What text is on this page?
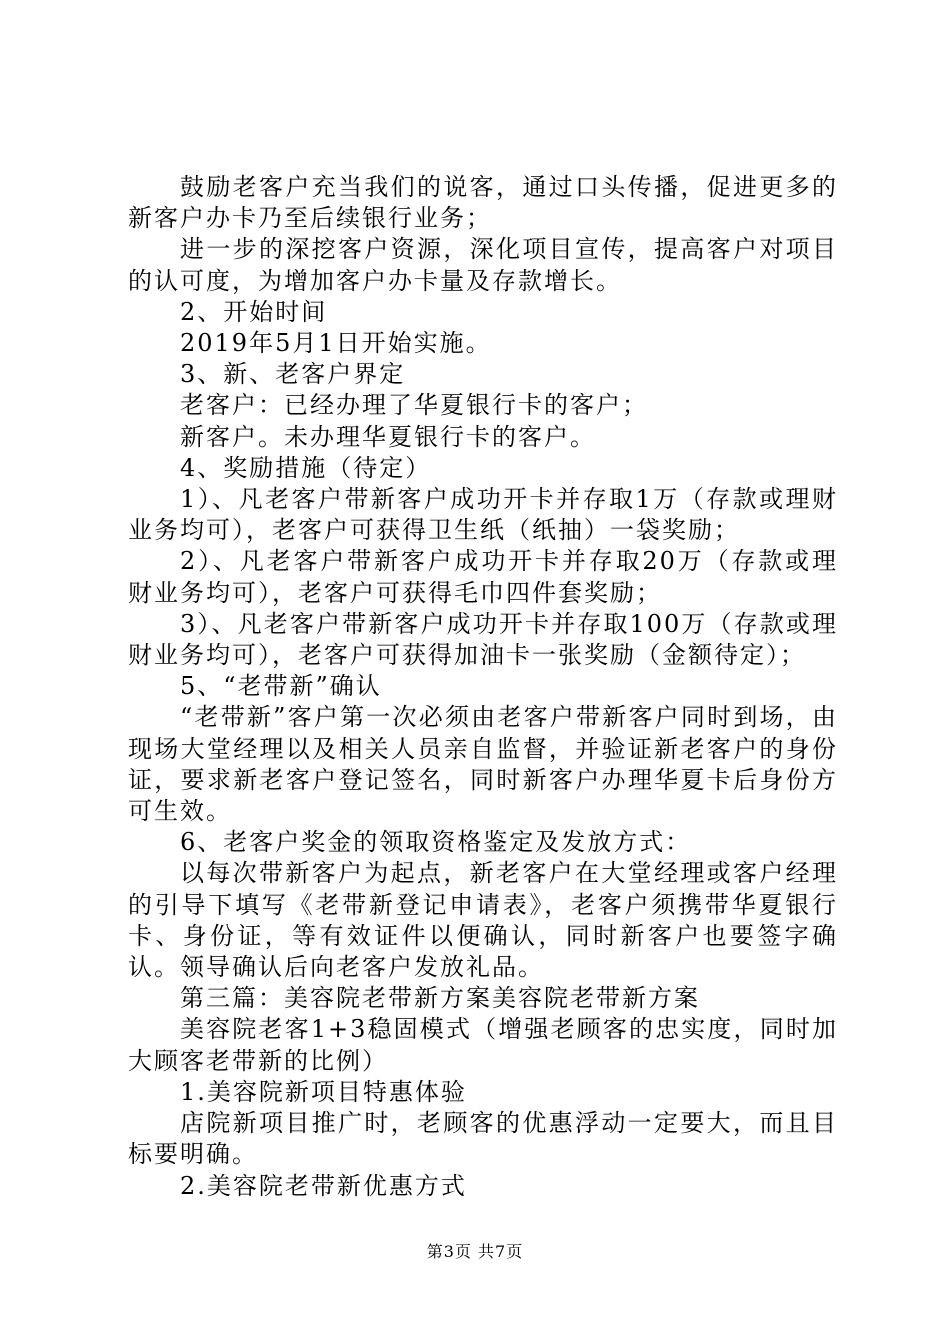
鼓励老客户充当我们的说客，通过口头传播，促进更多的新客户办卡乃至后续银行业务；

进一步的深挖客户资源，深化项目宣传，提高客户对项目的认可度，为增加客户办卡量及存款增长。

2、开始时间

2019年5月1日开始实施。

3、新、老客户界定

老客户：已经办理了华夏银行卡的客户；

新客户。未办理华夏银行卡的客户。

4、奖励措施（待定）

1）、凡老客户带新客户成功开卡并存取1万（存款或理财业务均可），老客户可获得卫生纸（纸抽）一袋奖励；

2）、凡老客户带新客户成功开卡并存取20万（存款或理财业务均可），老客户可获得毛巾四件套奖励；

3）、凡老客户带新客户成功开卡并存取100万（存款或理财业务均可），老客户可获得加油卡一张奖励（金额待定）；

5、“老带新”确认

“老带新”客户第一次必须由老客户带新客户同时到场，由现场大堂经理以及相关人员亲自监督，并验证新老客户的身份证，要求新老客户登记签名，同时新客户办理华夏卡后身份方可生效。

6、老客户奖金的领取资格鉴定及发放方式：

以每次带新客户为起点，新老客户在大堂经理或客户经理的引导下填写《老带新登记申请表》，老客户须携带华夏银行卡、身份证，等有效证件以便确认，同时新客户也要签字确认。领导确认后向老客户发放礼品。

第三篇：美容院老带新方案美容院老带新方案

美容院老客1+3稳固模式（增强老顾客的忠实度，同时加大顾客老带新的比例）

1.美容院新项目特惠体验

店院新项目推广时，老顾客的优惠浮动一定要大，而且目标要明确。

2.美容院老带新优惠方式

第3页 共7页
